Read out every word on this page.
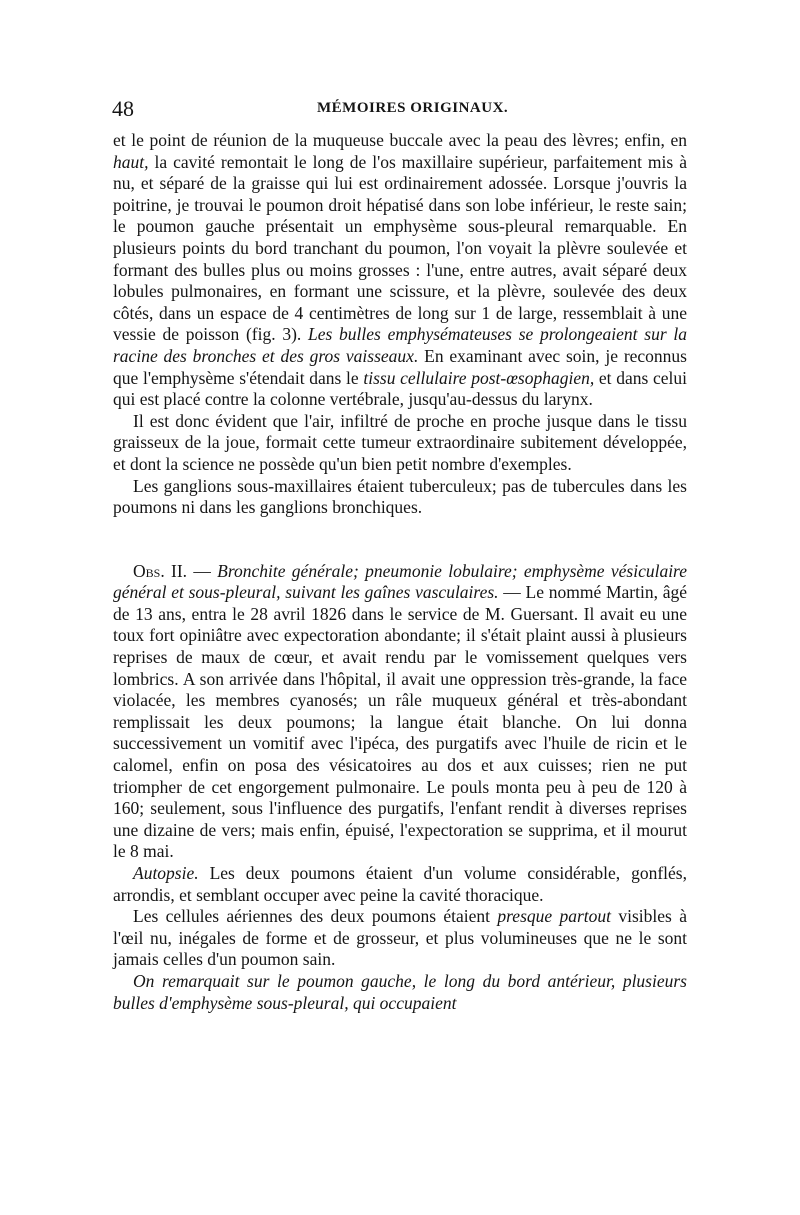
48	MÉMOIRES ORIGINAUX.

et le point de réunion de la muqueuse buccale avec la peau des lèvres; enfin, en haut, la cavité remontait le long de l'os maxillaire supérieur, parfaitement mis à nu, et séparé de la graisse qui lui est ordinairement adossée. Lorsque j'ouvris la poitrine, je trouvai le poumon droit hépatisé dans son lobe inférieur, le reste sain; le poumon gauche présentait un emphysème sous-pleural remarquable. En plusieurs points du bord tranchant du poumon, l'on voyait la plèvre soulevée et formant des bulles plus ou moins grosses : l'une, entre autres, avait séparé deux lobules pulmonaires, en formant une scissure, et la plèvre, soulevée des deux côtés, dans un espace de 4 centimètres de long sur 1 de large, ressemblait à une vessie de poisson (fig. 3). Les bulles emphysémateuses se prolongeaient sur la racine des bronches et des gros vaisseaux. En examinant avec soin, je reconnus que l'emphysème s'étendait dans le tissu cellulaire post-œsophagien, et dans celui qui est placé contre la colonne vertébrale, jusqu'au-dessus du larynx.

Il est donc évident que l'air, infiltré de proche en proche jusque dans le tissu graisseux de la joue, formait cette tumeur extraordinaire subitement développée, et dont la science ne possède qu'un bien petit nombre d'exemples.

Les ganglions sous-maxillaires étaient tuberculeux; pas de tubercules dans les poumons ni dans les ganglions bronchiques.

Obs. II. — Bronchite générale; pneumonie lobulaire; emphysème vésiculaire général et sous-pleural, suivant les gaînes vasculaires. — Le nommé Martin, âgé de 13 ans, entra le 28 avril 1826 dans le service de M. Guersant. Il avait eu une toux fort opiniâtre avec expectoration abondante; il s'était plaint aussi à plusieurs reprises de maux de cœur, et avait rendu par le vomissement quelques vers lombrics. A son arrivée dans l'hôpital, il avait une oppression très-grande, la face violacée, les membres cyanosés; un râle muqueux général et très-abondant remplissait les deux poumons; la langue était blanche. On lui donna successivement un vomitif avec l'ipéca, des purgatifs avec l'huile de ricin et le calomel, enfin on posa des vésicatoires au dos et aux cuisses; rien ne put triompher de cet engorgement pulmonaire. Le pouls monta peu à peu de 120 à 160; seulement, sous l'influence des purgatifs, l'enfant rendit à diverses reprises une dizaine de vers; mais enfin, épuisé, l'expectoration se supprima, et il mourut le 8 mai.

Autopsie. Les deux poumons étaient d'un volume considérable, gonflés, arrondis, et semblant occuper avec peine la cavité thoracique.

Les cellules aériennes des deux poumons étaient presque partout visibles à l'œil nu, inégales de forme et de grosseur, et plus volumineuses que ne le sont jamais celles d'un poumon sain.

On remarquait sur le poumon gauche, le long du bord antérieur, plusieurs bulles d'emphysème sous-pleural, qui occupaient
